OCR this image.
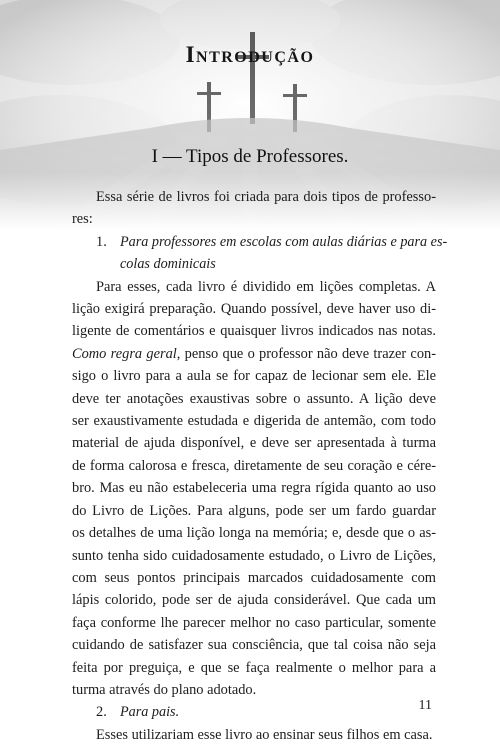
Introdução
I — Tipos de Professores.

Essa série de livros foi criada para dois tipos de professo-
res:

1. Para professores em escolas com aulas diárias e para es-
colas dominicais

Para esses, cada livro é dividido em lições completas. A
lição exigirá preparação. Quando possível, deve haver uso di-
ligente de comentários e quaisquer livros indicados nas notas.
Como regra geral, penso que o professor não deve trazer con-
sigo o livro para a aula se for capaz de lecionar sem ele. Ele
deve ter anotações exaustivas sobre o assunto. A lição deve
ser exaustivamente estudada e digerida de antemão, com todo
material de ajuda disponível, e deve ser apresentada à turma
de forma calorosa e fresca, diretamente de seu coração e cére-
bro. Mas eu não estabeleceria uma regra rígida quanto ao uso
do Livro de Lições. Para alguns, pode ser um fardo guardar
os detalhes de uma lição longa na memória; e, desde que o as-
sunto tenha sido cuidadosamente estudado, o Livro de Lições,
com seus pontos principais marcados cuidadosamente com
lápis colorido, pode ser de ajuda considerável. Que cada um
faça conforme lhe parecer melhor no caso particular, somente
cuidando de satisfazer sua consciência, que tal coisa não seja
feita por preguiça, e que se faça realmente o melhor para a
turma através do plano adotado.

2. Para pais.

Esses utilizariam esse livro ao ensinar seus filhos em casa.

11
